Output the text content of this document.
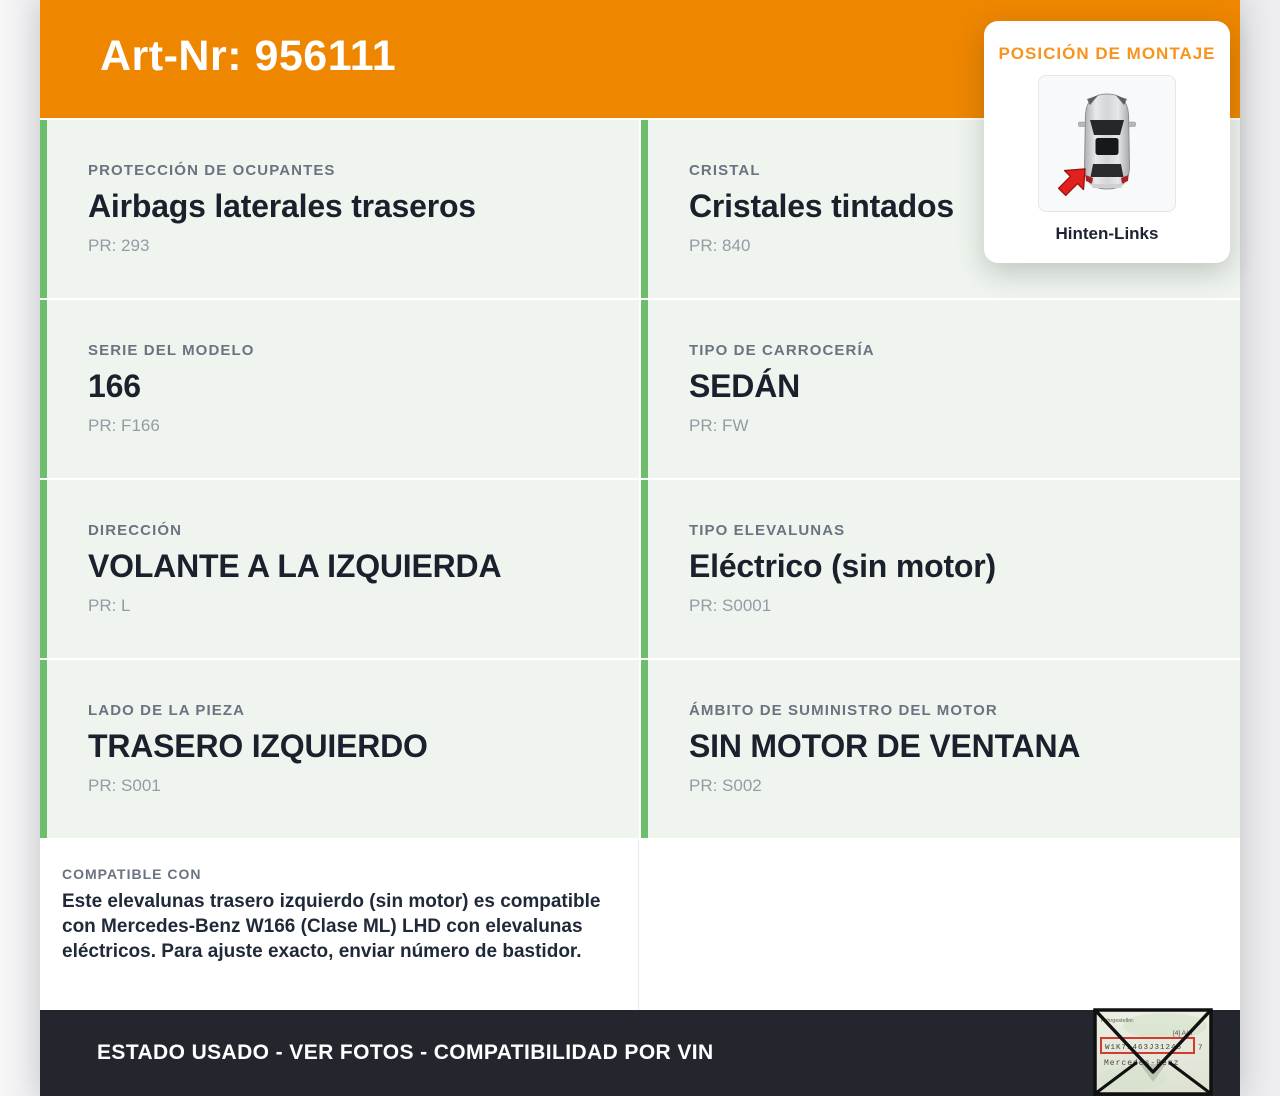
Art-Nr: 956111
PROTECCIÓN DE OCUPANTES
Airbags laterales traseros
PR: 293
CRISTAL
Cristales tintados
PR: 840
SERIE DEL MODELO
166
PR: F166
TIPO DE CARROCERÍA
SEDÁN
PR: FW
DIRECCIÓN
VOLANTE A LA IZQUIERDA
PR: L
TIPO ELEVALUNAS
Eléctrico (sin motor)
PR: S0001
LADO DE LA PIEZA
TRASERO IZQUIERDO
PR: S001
ÁMBITO DE SUMINISTRO DEL MOTOR
SIN MOTOR DE VENTANA
PR: S002
COMPATIBLE CON
Este elevalunas trasero izquierdo (sin motor) es compatible con Mercedes-Benz W166 (Clase ML) LHD con elevalunas eléctricos. Para ajuste exacto, enviar número de bastidor.
ESTADO USADO - VER FOTOS - COMPATIBILIDAD POR VIN
POSICIÓN DE MONTAJE
Hinten-Links
Fahrgestellnr.
[4] A/A
W1K71463J31245 7
Mercedes-Benz
